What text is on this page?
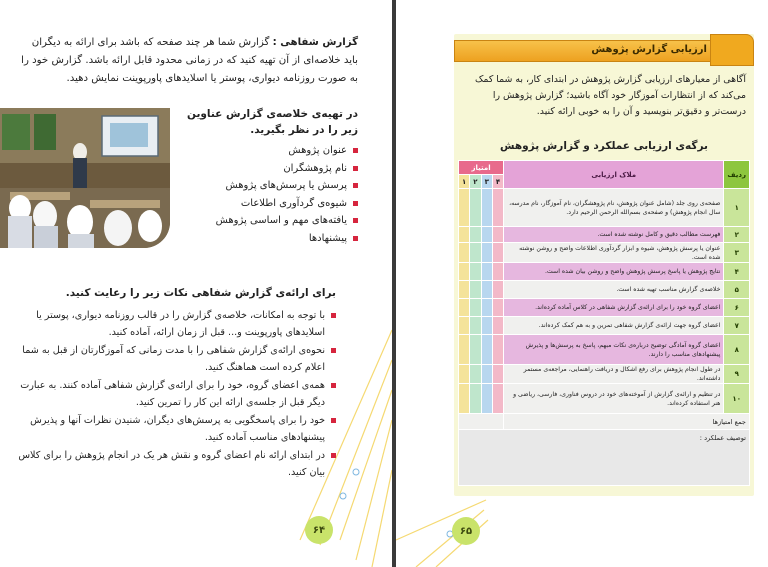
گزارش شفاهی : گزارش شما هر چند صفحه که باشد برای ارائه به دیگران باید خلاصه‌ای از آن تهیه کنید که در زمانی محدود قابل ارائه باشد. گزارش خود را به صورت روزنامه دیواری، پوستر یا اسلایدهای پاورپوینت نمایش دهید.
در تهیه‌ی خلاصه‌ی گزارش عناوین زیر را در نظر بگیرید.
عنوان پژوهش
نام پژوهشگران
پرسش یا پرسش‌های پژوهش
شیوه‌ی گردآوری اطلاعات
یافته‌های مهم و اساسی پژوهش
پیشنهادها
برای ارائه‌ی گزارش شفاهی نکات زیر را رعایت کنید.
با توجه به امکانات، خلاصه‌ی گزارش را در قالب روزنامه دیواری، پوستر یا اسلایدهای پاورپوینت و... قبل از زمان ارائه، آماده کنید.
نحوه‌ی ارائه‌ی گزارش شفاهی را با مدت زمانی که آموزگارتان از قبل به شما اعلام کرده است هماهنگ کنید.
همه‌ی اعضای گروه، خود را برای ارائه‌ی گزارش شفاهی آماده کنند. به عبارت دیگر قبل از جلسه‌ی ارائه این کار را تمرین کنید.
خود را برای پاسخگویی به پرسش‌های دیگران، شنیدن نظرات آنها و پذیرش پیشنهادهای مناسب آماده کنید.
در ابتدای ارائه نام اعضای گروه و نقش هر یک در انجام پژوهش را برای کلاس بیان کنید.
۶۴
ارزیابی گزارش پژوهش

آگاهی از معیارهای ارزیابی گزارش پژوهش در ابتدای کار، به شما کمک می‌کند که از انتظارات آموزگار خود آگاه باشید؛ گزارش پژوهش را درست‌تر و دقیق‌تر بنویسید و آن را به خوبی ارائه کنید.

برگه‌ی ارزیابی عملکرد و گزارش پژوهش
ردیف	ملاک ارزیابی	امتیاز			
		۴	۳	۲	۱
۱	صفحه‌ی روی جلد (شامل عنوان پژوهش، نام پژوهشگران، نام آموزگار، نام مدرسه، سال انجام پژوهش) و صفحه‌ی بسم‌الله الرحمن الرحیم دارد.				
۲	فهرست مطالب دقیق و کامل نوشته شده است.				
۳	عنوان یا پرسش پژوهش، شیوه و ابزار گردآوری اطلاعات واضح و روشن نوشته شده است.				
۴	نتایج پژوهش یا پاسخ پرسش پژوهش واضح و روشن بیان شده است.				
۵	خلاصه‌ی گزارش مناسب تهیه شده است.				
۶	اعضای گروه خود را برای ارائه‌ی گزارش شفاهی در کلاس آماده کرده‌اند.				
۷	اعضای گروه جهت ارائه‌ی گزارش شفاهی تمرین و به هم کمک کرده‌اند.				
۸	اعضای گروه آمادگی توضیح دربار‌ه‌ی نکات مبهم، پاسخ به پرسش‌ها و پذیرش پیشنهادهای مناسب را دارند.				
۹	در طول انجام پژوهش برای رفع اشکال و دریافت راهنمایی، مراجعه‌ی مستمر داشته‌اند.				
۱۰	در تنظیم و ارائه‌ی گزارش از آموخته‌های خود در دروس فناوری، فارسی، ریاضی و هنر استفاده کرده‌اند.				
جمع امتیازها					
توصیف عملکرد :					
۶۵
